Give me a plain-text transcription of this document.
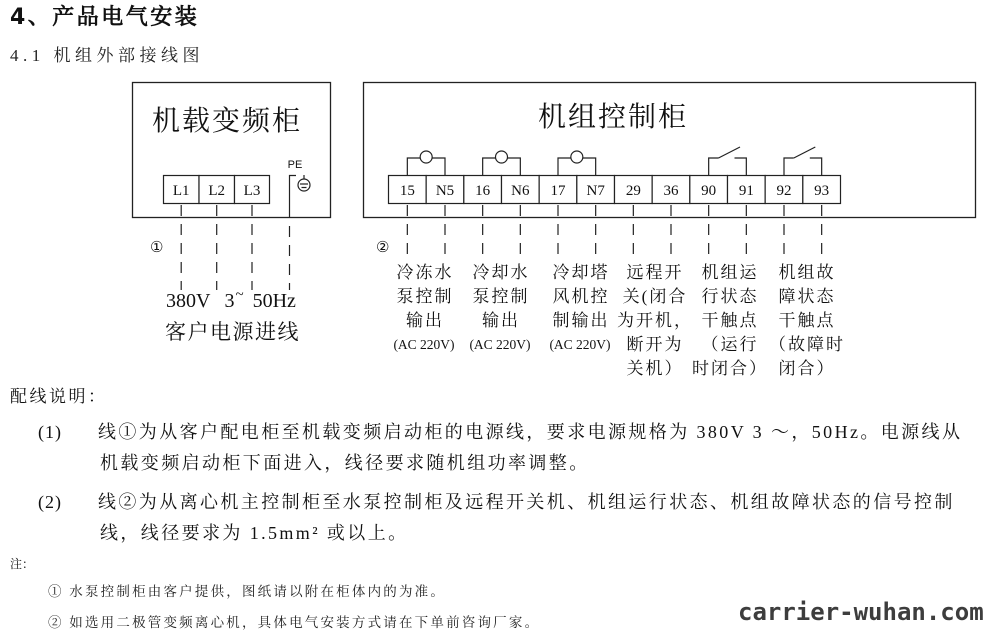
L1 L2 L3
PE
15 N5 16 N6 17 N7 29 36 90 91 92 93
4、产品电气安装
4.1 机组外部接线图
机载变频柜	机组控制柜
①	②
380V 3~ 50Hz
客户电源进线
冷冻水
泵控制
输出
(AC 220V)
冷却水
泵控制
输出
(AC 220V)
冷却塔
风机控
制输出
(AC 220V)
远程开
关(闭合
为开机，
断开为
关机）
机组运
行状态
干触点
（运行
时闭合）
机组故
障状态
干触点
（故障时
闭合）
配线说明：
(1) 线①为从客户配电柜至机载变频启动柜的电源线，要求电源规格为 380V 3 ～，50Hz。电源线从
机载变频启动柜下面进入，线径要求随机组功率调整。
(2) 线②为从离心机主控制柜至水泵控制柜及远程开关机、机组运行状态、机组故障状态的信号控制
线，线径要求为 1.5mm² 或以上。
注：
① 水泵控制柜由客户提供，图纸请以附在柜体内的为准。
② 如选用二极管变频离心机，具体电气安装方式请在下单前咨询厂家。	carrier-wuhan.com
